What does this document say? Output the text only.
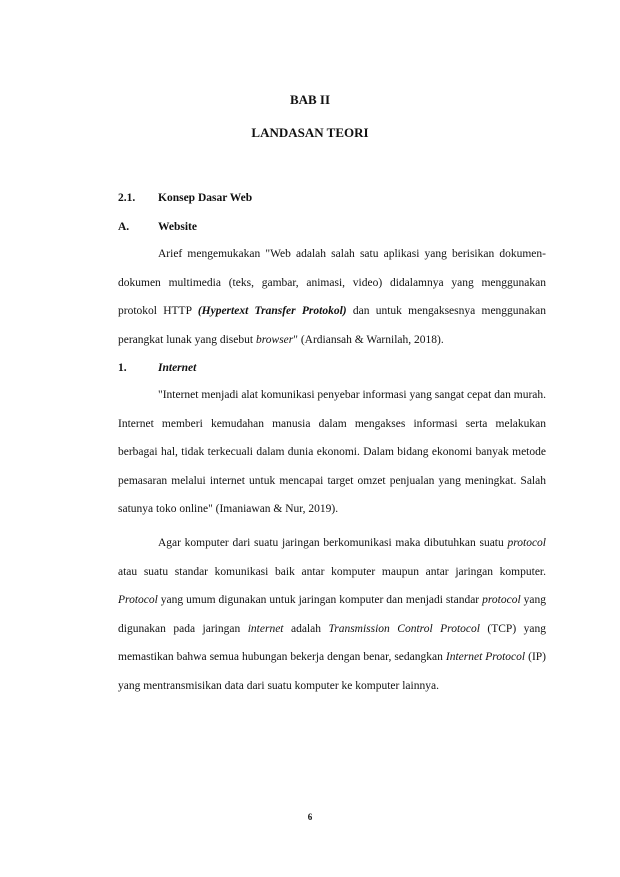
BAB II
LANDASAN TEORI
2.1. Konsep Dasar Web
A.	Website

Arief mengemukakan "Web adalah salah satu aplikasi yang berisikan dokumen-dokumen multimedia (teks, gambar, animasi, video) didalamnya yang menggunakan protokol HTTP (Hypertext Transfer Protokol) dan untuk mengaksesnya menggunakan perangkat lunak yang disebut browser" (Ardiansah & Warnilah, 2018).

1.	Internet

"Internet menjadi alat komunikasi penyebar informasi yang sangat cepat dan murah. Internet memberi kemudahan manusia dalam mengakses informasi serta melakukan berbagai hal, tidak terkecuali dalam dunia ekonomi. Dalam bidang ekonomi banyak metode pemasaran melalui internet untuk mencapai target omzet penjualan yang meningkat. Salah satunya toko online" (Imaniawan & Nur, 2019).

Agar komputer dari suatu jaringan berkomunikasi maka dibutuhkan suatu protocol atau suatu standar komunikasi baik antar komputer maupun antar jaringan komputer. Protocol yang umum digunakan untuk jaringan komputer dan menjadi standar protocol yang digunakan pada jaringan internet adalah Transmission Control Protocol (TCP) yang memastikan bahwa semua hubungan bekerja dengan benar, sedangkan Internet Protocol (IP) yang mentransmisikan data dari suatu komputer ke komputer lainnya.

6
